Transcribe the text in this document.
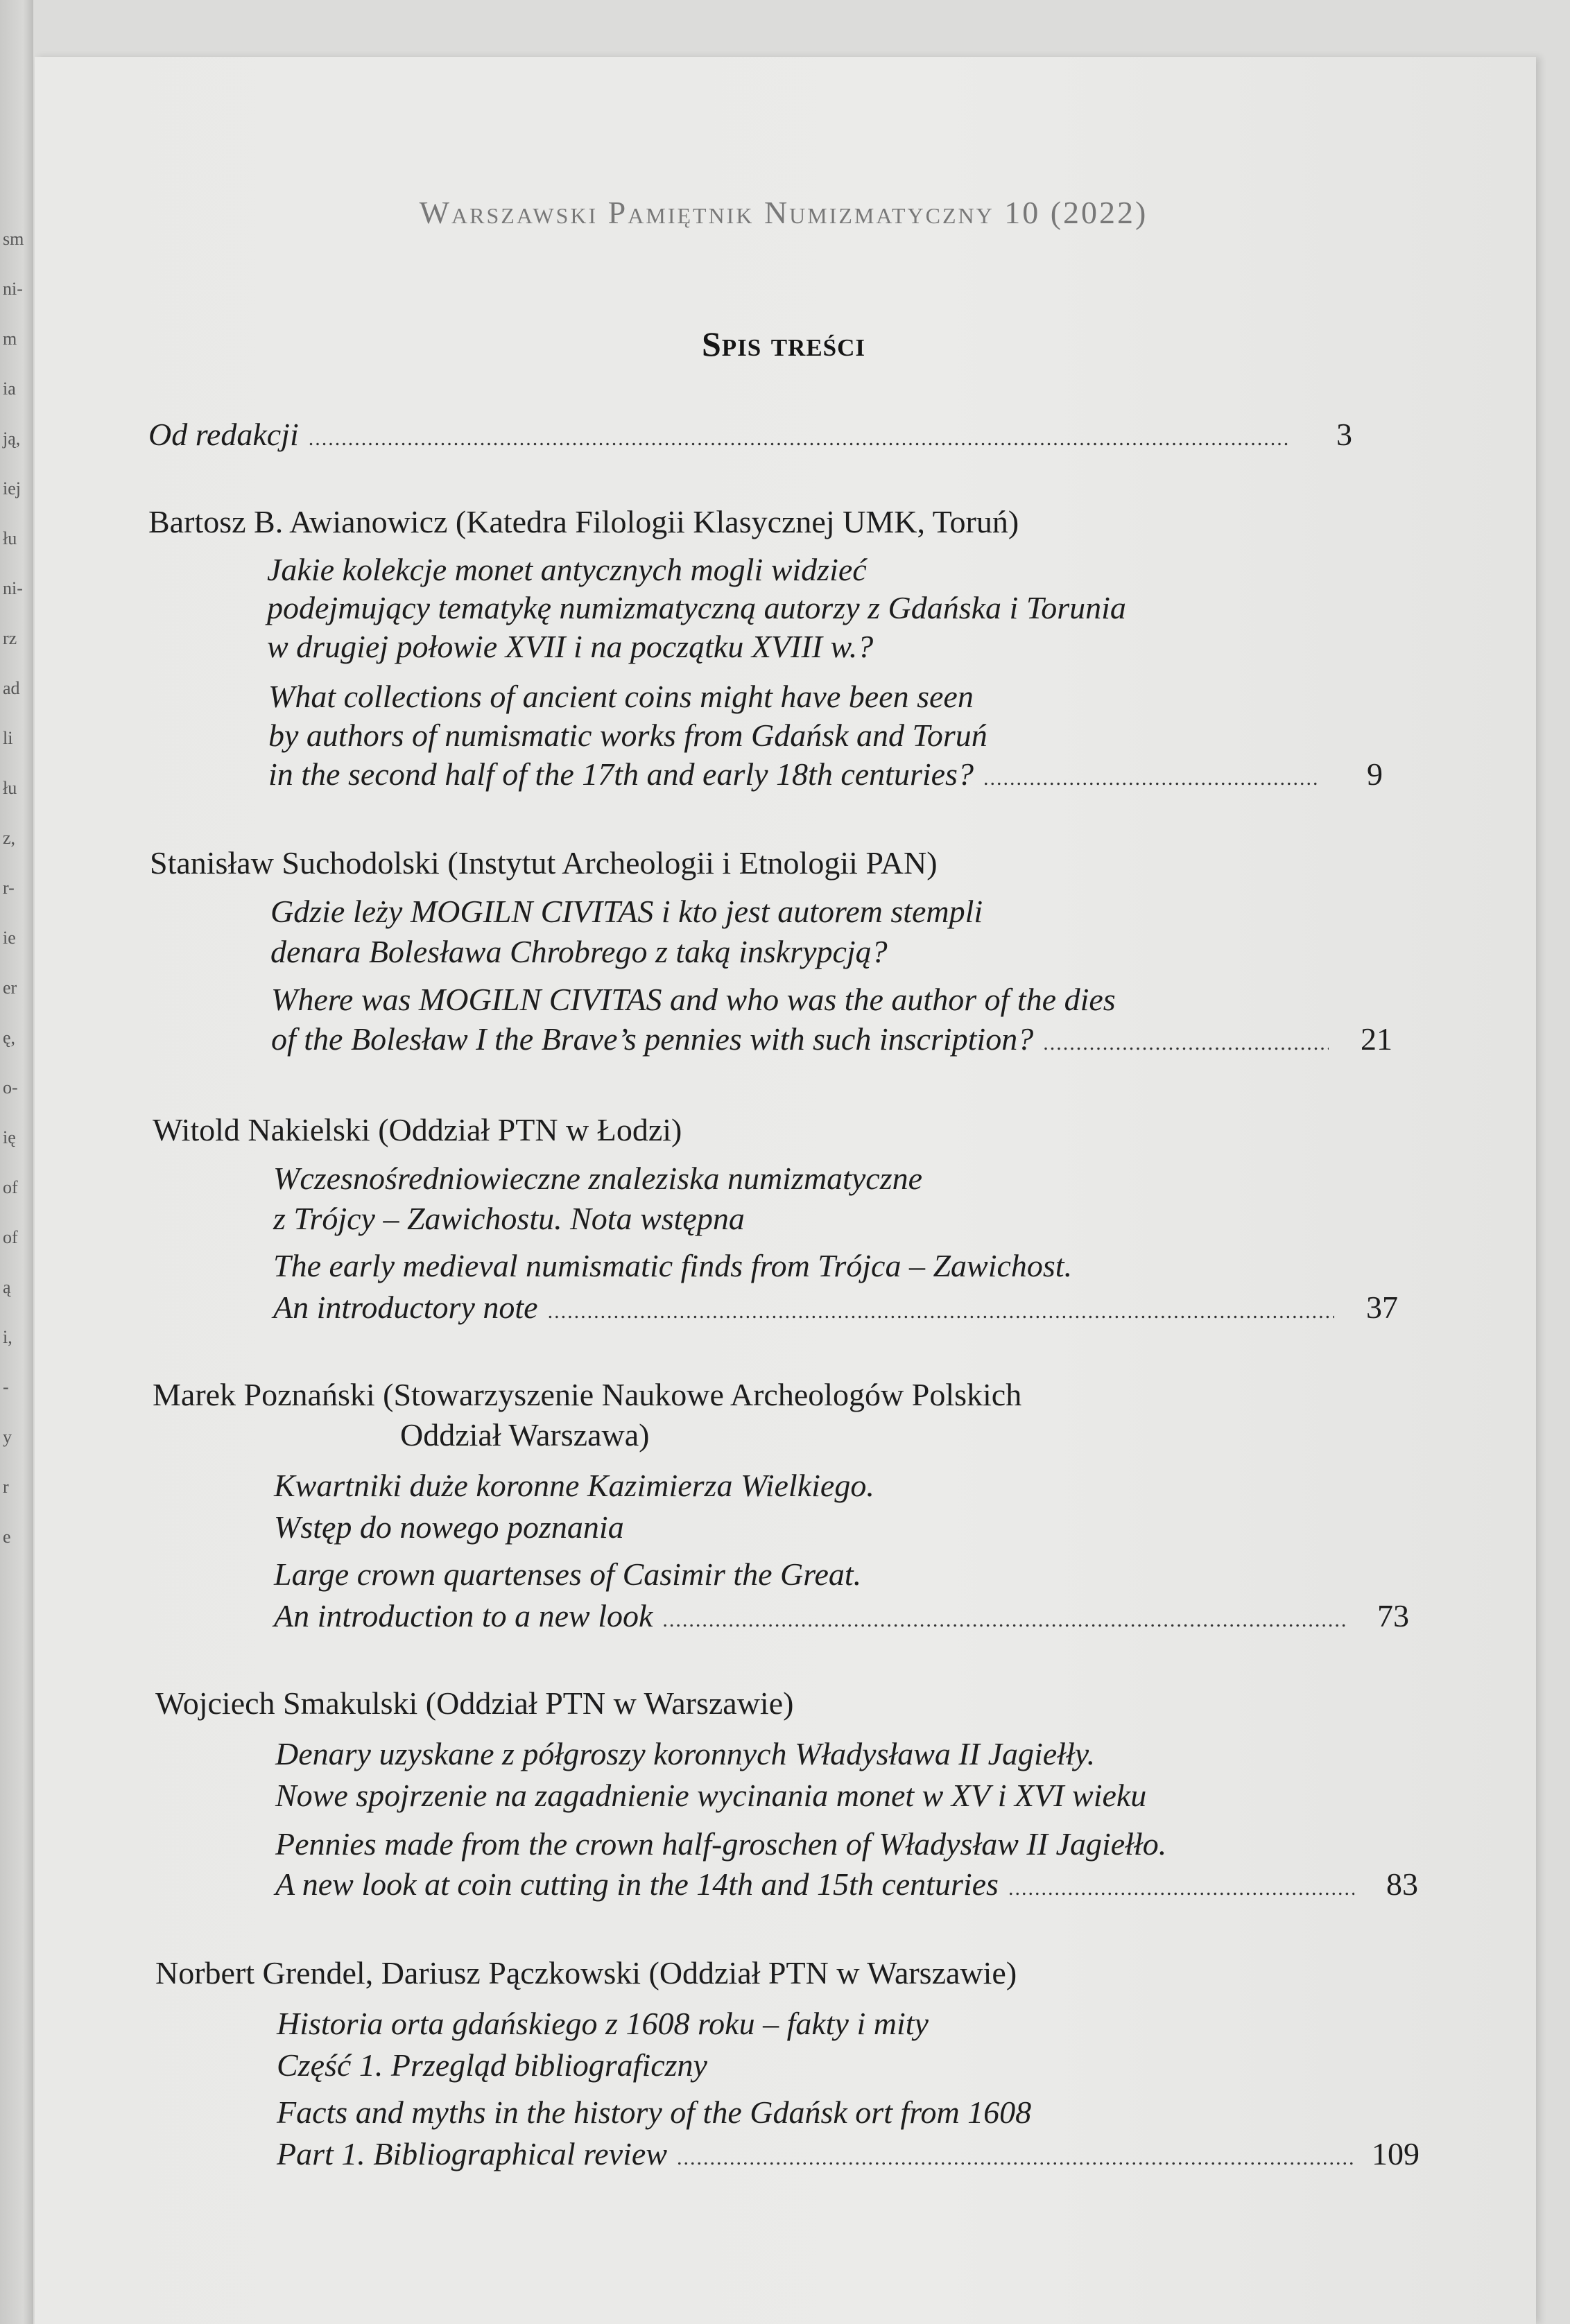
sm
ni-
m
ia
ją,
iej
łu
ni-
rz
ad
li
łu
z,
r-
ie
er
ę,
o-
ię
of
of
ą
i,
-
y
r
e
Warszawski Pamiętnik Numizmatyczny 10 (2022)
Spis treści
Od redakcji .....	3
Bartosz B. Awianowicz (Katedra Filologii Klasycznej UMK, Toruń)
Jakie kolekcje monet antycznych mogli widzieć
podejmujący tematykę numizmatyczną autorzy z Gdańska i Torunia
w drugiej połowie XVII i na początku XVIII w.?
What collections of ancient coins might have been seen
by authors of numismatic works from Gdańsk and Toruń
in the second half of the 17th and early 18th centuries? .....	9
Stanisław Suchodolski (Instytut Archeologii i Etnologii PAN)
Gdzie leży MOGILN CIVITAS i kto jest autorem stempli
denara Bolesława Chrobrego z taką inskrypcją?
Where was MOGILN CIVITAS and who was the author of the dies
of the Bolesław I the Brave’s pennies with such inscription? .....	21
Witold Nakielski (Oddział PTN w Łodzi)
Wczesnośredniowieczne znaleziska numizmatyczne
z Trójcy – Zawichostu. Nota wstępna
The early medieval numismatic finds from Trójca – Zawichost.
An introductory note .....	37
Marek Poznański (Stowarzyszenie Naukowe Archeologów Polskich
Oddział Warszawa)
Kwartniki duże koronne Kazimierza Wielkiego.
Wstęp do nowego poznania
Large crown quartenses of Casimir the Great.
An introduction to a new look .....	73
Wojciech Smakulski (Oddział PTN w Warszawie)
Denary uzyskane z półgroszy koronnych Władysława II Jagiełły.
Nowe spojrzenie na zagadnienie wycinania monet w XV i XVI wieku
Pennies made from the crown half-groschen of Władysław II Jagiełło.
A new look at coin cutting in the 14th and 15th centuries .....	83
Norbert Grendel, Dariusz Pączkowski (Oddział PTN w Warszawie)
Historia orta gdańskiego z 1608 roku – fakty i mity
Część 1. Przegląd bibliograficzny
Facts and myths in the history of the Gdańsk ort from 1608
Part 1. Bibliographical review .....	109
